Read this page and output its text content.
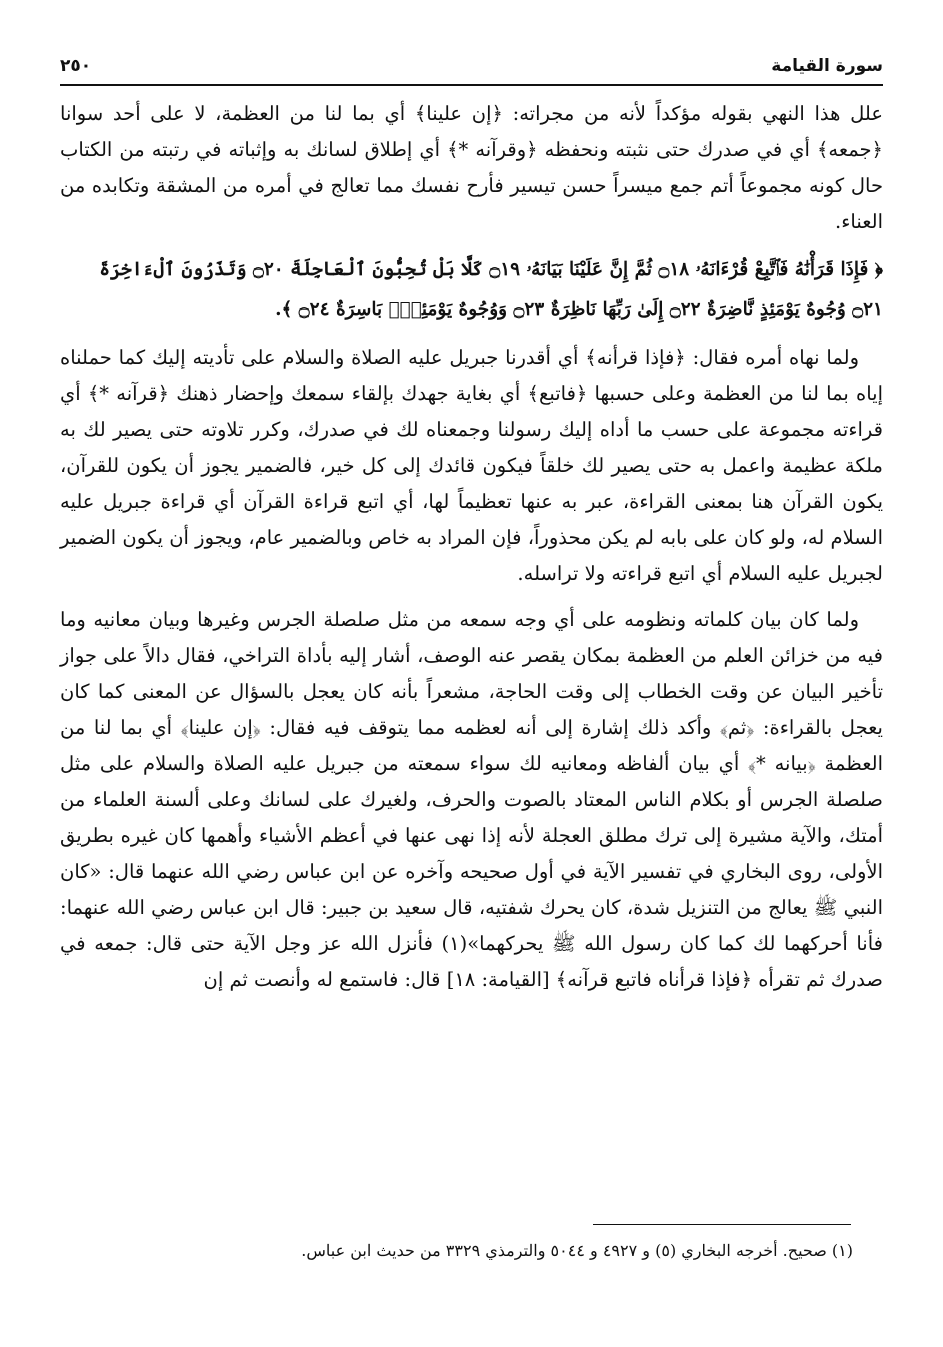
٢٥٠	سورة القيامة

علل هذا النهي بقوله مؤكداً لأنه من مجراته: ﴿إن علينا﴾ أي بما لنا من العظمة، لا على أحد سوانا ﴿جمعه﴾ أي في صدرك حتى نثبته ونحفظه ﴿وقرآنه *﴾ أي إطلاق لسانك به وإثباته في رتبته من الكتاب حال كونه مجموعاً أتم جمع ميسراً حسن تيسير فأرح نفسك مما تعالج في أمره من المشقة وتكابده من العناء.

﴿ فَإِذَا قَرَأْنَٰهُ فَٱتَّبِعْ قُرْءَانَهُۥ ۝١٨ ثُمَّ إِنَّ عَلَيْنَا بَيَانَهُۥ ۝١٩ كَلَّا بَلْ تُحِبُّونَ ٱلْعَاجِلَةَ ۝٢٠ وَتَذَرُونَ ٱلْءَاخِرَةَ

۝٢١ وُجُوهٌ يَوْمَئِذٍ نَّاضِرَةٌ ۝٢٢ إِلَىٰ رَبِّهَا نَاظِرَةٌ ۝٢٣ وَوُجُوهٌ يَوْمَئِذٍۭ بَاسِرَةٌ ۝٢٤ ﴾.

ولما نهاه أمره فقال: ﴿فإذا قرأنه﴾ أي أقدرنا جبريل عليه الصلاة والسلام على تأديته إليك كما حملناه إياه بما لنا من العظمة وعلى حسبها ﴿فاتبع﴾ أي بغاية جهدك بإلقاء سمعك وإحضار ذهنك ﴿قرآنه *﴾ أي قراءته مجموعة على حسب ما أداه إليك رسولنا وجمعناه لك في صدرك، وكرر تلاوته حتى يصير لك به ملكة عظيمة واعمل به حتى يصير لك خلقاً فيكون قائدك إلى كل خير، فالضمير يجوز أن يكون للقرآن، يكون القرآن هنا بمعنى القراءة، عبر به عنها تعظيماً لها، أي اتبع قراءة القرآن أي قراءة جبريل عليه السلام له، ولو كان على بابه لم يكن محذوراً، فإن المراد به خاص وبالضمير عام، ويجوز أن يكون الضمير لجبريل عليه السلام أي اتبع قراءته ولا تراسله.

ولما كان بيان كلماته ونظومه على أي وجه سمعه من مثل صلصلة الجرس وغيرها وبيان معانيه وما فيه من خزائن العلم من العظمة بمكان يقصر عنه الوصف، أشار إليه بأداة التراخي، فقال دالاً على جواز تأخير البيان عن وقت الخطاب إلى وقت الحاجة، مشعراً بأنه كان يعجل بالسؤال عن المعنى كما كان يعجل بالقراءة: ﴿ثم﴾ وأكد ذلك إشارة إلى أنه لعظمه مما يتوقف فيه فقال: ﴿إن علينا﴾ أي بما لنا من العظمة ﴿بيانه *﴾ أي بيان ألفاظه ومعانيه لك سواء سمعته من جبريل عليه الصلاة والسلام على مثل صلصلة الجرس أو بكلام الناس المعتاد بالصوت والحرف، ولغيرك على لسانك وعلى ألسنة العلماء من أمتك، والآية مشيرة إلى ترك مطلق العجلة لأنه إذا نهى عنها في أعظم الأشياء وأهمها كان غيره بطريق الأولى، روى البخاري في تفسير الآية في أول صحيحه وآخره عن ابن عباس رضي الله عنهما قال: «كان النبي ﷺ يعالج من التنزيل شدة، كان يحرك شفتيه، قال سعيد بن جبير: قال ابن عباس رضي الله عنهما: فأنا أحركهما لك كما كان رسول الله ﷺ يحركهما»(١) فأنزل الله عز وجل الآية حتى قال: جمعه في صدرك ثم تقرأه ﴿فإذا قرأناه فاتبع قرآنه﴾ [القيامة: ١٨] قال: فاستمع له وأنصت ثم إن

(١) صحيح. أخرجه البخاري (٥) و ٤٩٢٧ و ٥٠٤٤ والترمذي ٣٣٢٩ من حديث ابن عباس.
